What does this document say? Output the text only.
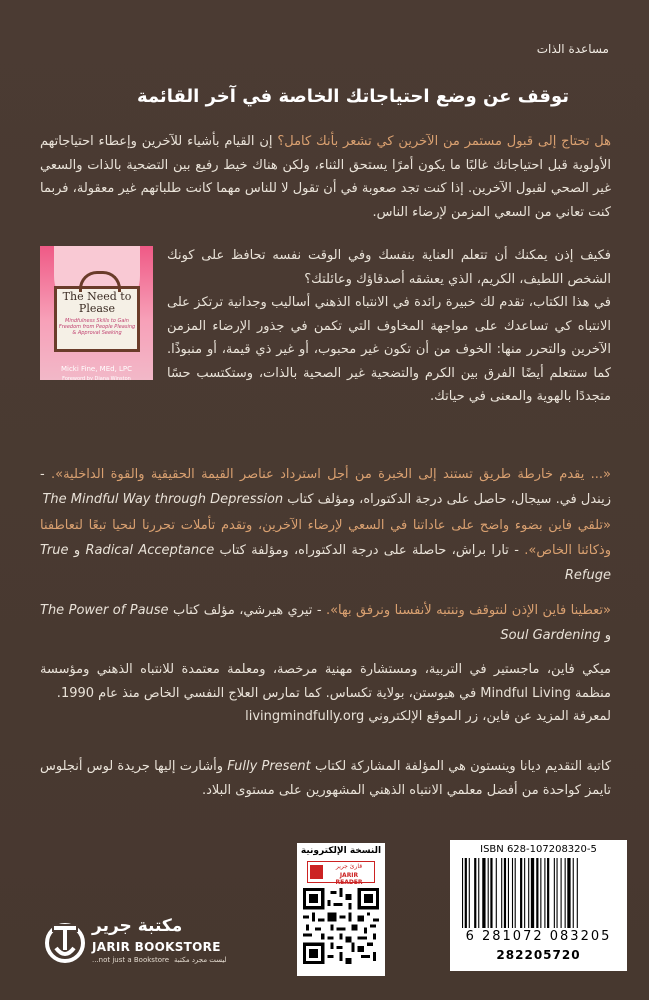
مساعدة الذات
توقف عن وضع احتياجاتك الخاصة في آخر القائمة
هل تحتاج إلى قبول مستمر من الآخرين كي تشعر بأنك كامل؟ إن القيام بأشياء للآخرين وإعطاء احتياجاتهم الأولوية قبل احتياجاتك غالبًا ما يكون أمرًا يستحق الثناء، ولكن هناك خيط رفيع بين التضحية بالذات والسعي غير الصحي لقبول الآخرين. إذا كنت تجد صعوبة في أن تقول لا للناس مهما كانت طلباتهم غير معقولة، فربما كنت تعاني من السعي المزمن لإرضاء الناس.
The Need to Please
Mindfulness Skills to Gain Freedom from People Pleasing & Approval Seeking
Micki Fine, MEd, LPC
Foreword by Diana Winston

فكيف إذن يمكنك أن تتعلم العناية بنفسك وفي الوقت نفسه تحافظ على كونك الشخص اللطيف، الكريم، الذي يعشقه أصدقاؤك وعائلتك؟

في هذا الكتاب، تقدم لك خبيرة رائدة في الانتباه الذهني أساليب وجدانية ترتكز على الانتباه كي تساعدك على مواجهة المخاوف التي تكمن في جذور الإرضاء المزمن الآخرين والتحرر منها: الخوف من أن تكون غير محبوب، أو غير ذي قيمة، أو منبوذًا. كما ستتعلم أيضًا الفرق بين الكرم والتضحية غير الصحية بالذات، وستكتسب حسًا متجددًا بالهوية والمعنى في حياتك.

«... يقدم خارطة طريق تستند إلى الخبرة من أجل استرداد عناصر القيمة الحقيقية والقوة الداخلية». - زيندل في. سيجال، حاصل على درجة الدكتوراه، ومؤلف كتاب The Mindful Way through Depression
«تلقي فاين بضوء واضح على عاداتنا في السعي لإرضاء الآخرين، وتقدم تأملات تحررنا لنحيا تبعًا لتعاطفنا وذكائنا الخاص». - تارا براش، حاصلة على درجة الدكتوراه، ومؤلفة كتاب Radical Acceptance و True Refuge
«تعطينا فاين الإذن لنتوقف وننتبه لأنفسنا ونرفق بها». - تيري هيرشي، مؤلف كتاب The Power of Pause و Soul Gardening

ميكي فاين، ماجستير في التربية، ومستشارة مهنية مرخصة، ومعلمة معتمدة للانتباه الذهني ومؤسسة منظمة Mindful Living في هيوستن، بولاية تكساس. كما تمارس العلاج النفسي الخاص منذ عام 1990.

لمعرفة المزيد عن فاين، زر الموقع الإلكتروني livingmindfully.org

كاتبة التقديم ديانا وينستون هي المؤلفة المشاركة لكتاب Fully Present وأشارت إليها جريدة لوس أنجلوس تايمز كواحدة من أفضل معلمي الانتباه الذهني المشهورين على مستوى البلاد.
النسخة الإلكترونية
قارئ جرير
JARIR READER
ISBN 628-107208320-5
6 281072 083205
282205720
مكتبة جرير
JARIR BOOKSTORE
...not just a Bookstore ليست مجرد مكتبة
